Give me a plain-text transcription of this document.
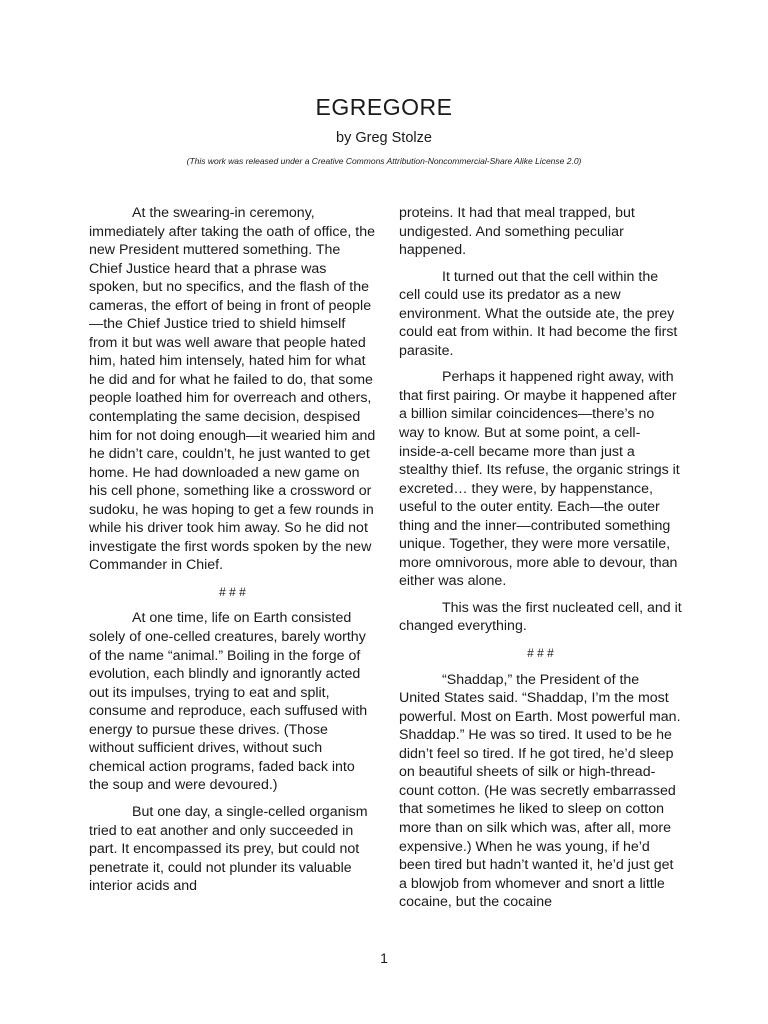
EGREGORE

by Greg Stolze

(This work was released under a Creative Commons Attribution-Noncommercial-Share Alike License 2.0)

At the swearing-in ceremony, immediately after taking the oath of office, the new President muttered something. The Chief Justice heard that a phrase was spoken, but no specifics, and the flash of the cameras, the effort of being in front of people—the Chief Justice tried to shield himself from it but was well aware that people hated him, hated him intensely, hated him for what he did and for what he failed to do, that some people loathed him for overreach and others, contemplating the same decision, despised him for not doing enough—it wearied him and he didn’t care, couldn’t, he just wanted to get home. He had downloaded a new game on his cell phone, something like a crossword or sudoku, he was hoping to get a few rounds in while his driver took him away. So he did not investigate the first words spoken by the new Commander in Chief.

# # #

At one time, life on Earth consisted solely of one-celled creatures, barely worthy of the name “animal.” Boiling in the forge of evolution, each blindly and ignorantly acted out its impulses, trying to eat and split, consume and reproduce, each suffused with energy to pursue these drives. (Those without sufficient drives, without such chemical action programs, faded back into the soup and were devoured.)

But one day, a single-celled organism tried to eat another and only succeeded in part. It encompassed its prey, but could not penetrate it, could not plunder its valuable interior acids and

proteins. It had that meal trapped, but undigested. And something peculiar happened.

It turned out that the cell within the cell could use its predator as a new environment. What the outside ate, the prey could eat from within. It had become the first parasite.

Perhaps it happened right away, with that first pairing. Or maybe it happened after a billion similar coincidences—there’s no way to know. But at some point, a cell-inside-a-cell became more than just a stealthy thief. Its refuse, the organic strings it excreted… they were, by happenstance, useful to the outer entity. Each—the outer thing and the inner—contributed something unique. Together, they were more versatile, more omnivorous, more able to devour, than either was alone.

This was the first nucleated cell, and it changed everything.

# # #

“Shaddap,” the President of the United States said. “Shaddap, I’m the most powerful. Most on Earth. Most powerful man. Shaddap.” He was so tired. It used to be he didn’t feel so tired. If he got tired, he’d sleep on beautiful sheets of silk or high-thread-count cotton. (He was secretly embarrassed that sometimes he liked to sleep on cotton more than on silk which was, after all, more expensive.) When he was young, if he’d been tired but hadn’t wanted it, he’d just get a blowjob from whomever and snort a little cocaine, but the cocaine

1
